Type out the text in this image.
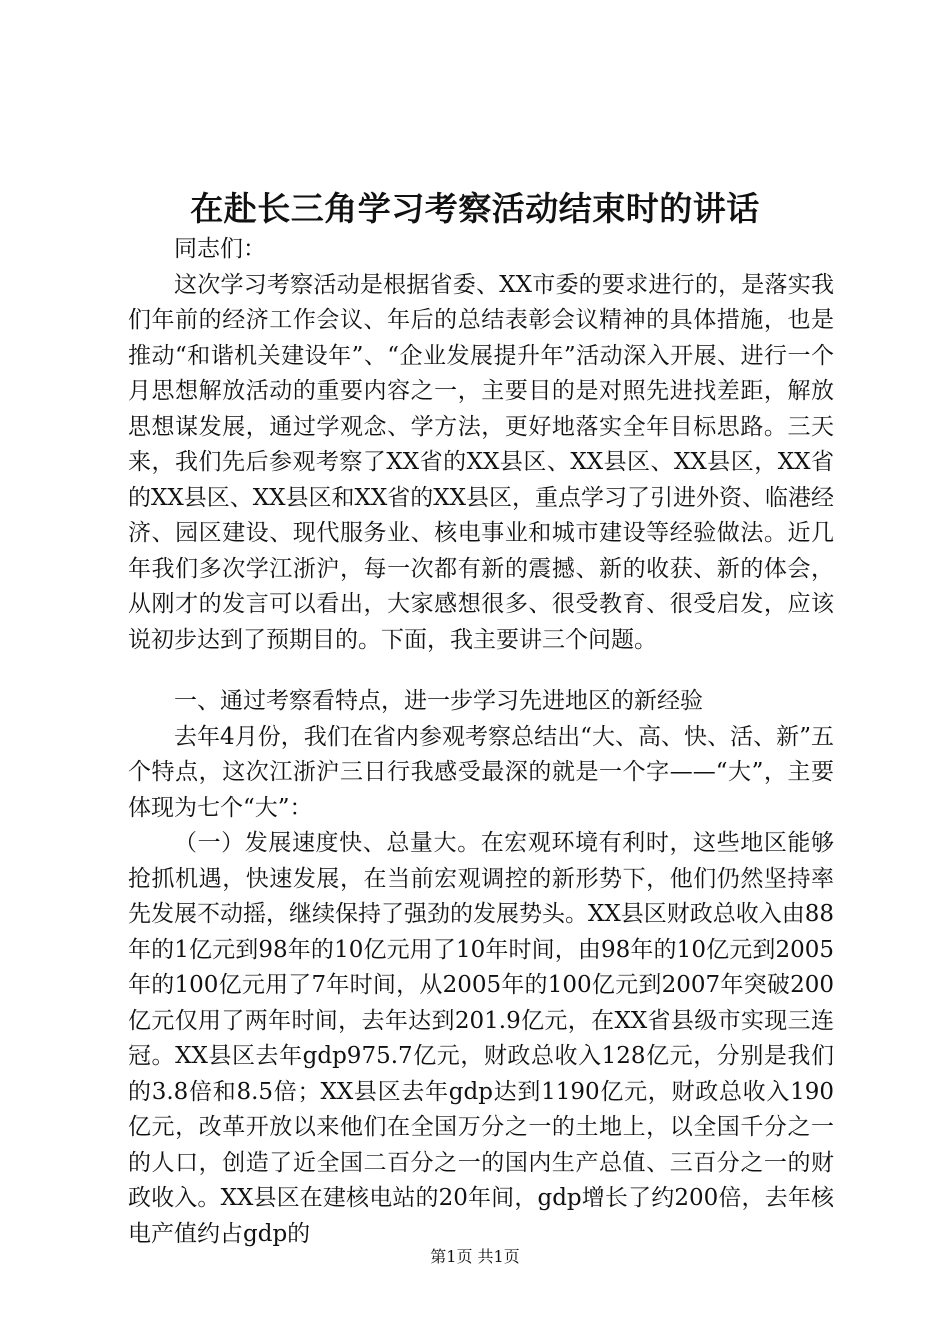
在赴长三角学习考察活动结束时的讲话

同志们：

这次学习考察活动是根据省委、XX市委的要求进行的，是落实我们年前的经济工作会议、年后的总结表彰会议精神的具体措施，也是推动“和谐机关建设年”、“企业发展提升年”活动深入开展、进行一个月思想解放活动的重要内容之一，主要目的是对照先进找差距，解放思想谋发展，通过学观念、学方法，更好地落实全年目标思路。三天来，我们先后参观考察了XX省的XX县区、XX县区、XX县区，XX省的XX县区、XX县区和XX省的XX县区，重点学习了引进外资、临港经济、园区建设、现代服务业、核电事业和城市建设等经验做法。近几年我们多次学江浙沪，每一次都有新的震撼、新的收获、新的体会，从刚才的发言可以看出，大家感想很多、很受教育、很受启发，应该说初步达到了预期目的。下面，我主要讲三个问题。

一、通过考察看特点，进一步学习先进地区的新经验

去年4月份，我们在省内参观考察总结出“大、高、快、活、新”五个特点，这次江浙沪三日行我感受最深的就是一个字——“大”，主要体现为七个“大”：

（一）发展速度快、总量大。在宏观环境有利时，这些地区能够抢抓机遇，快速发展，在当前宏观调控的新形势下，他们仍然坚持率先发展不动摇，继续保持了强劲的发展势头。XX县区财政总收入由88年的1亿元到98年的10亿元用了10年时间，由98年的10亿元到2005年的100亿元用了7年时间，从2005年的100亿元到2007年突破200亿元仅用了两年时间，去年达到201.9亿元，在XX省县级市实现三连冠。XX县区去年gdp975.7亿元，财政总收入128亿元，分别是我们的3.8倍和8.5倍；XX县区去年gdp达到1190亿元，财政总收入190亿元，改革开放以来他们在全国万分之一的土地上，以全国千分之一的人口，创造了近全国二百分之一的国内生产总值、三百分之一的财政收入。XX县区在建核电站的20年间，gdp增长了约200倍，去年核电产值约占gdp的

第1页 共1页
